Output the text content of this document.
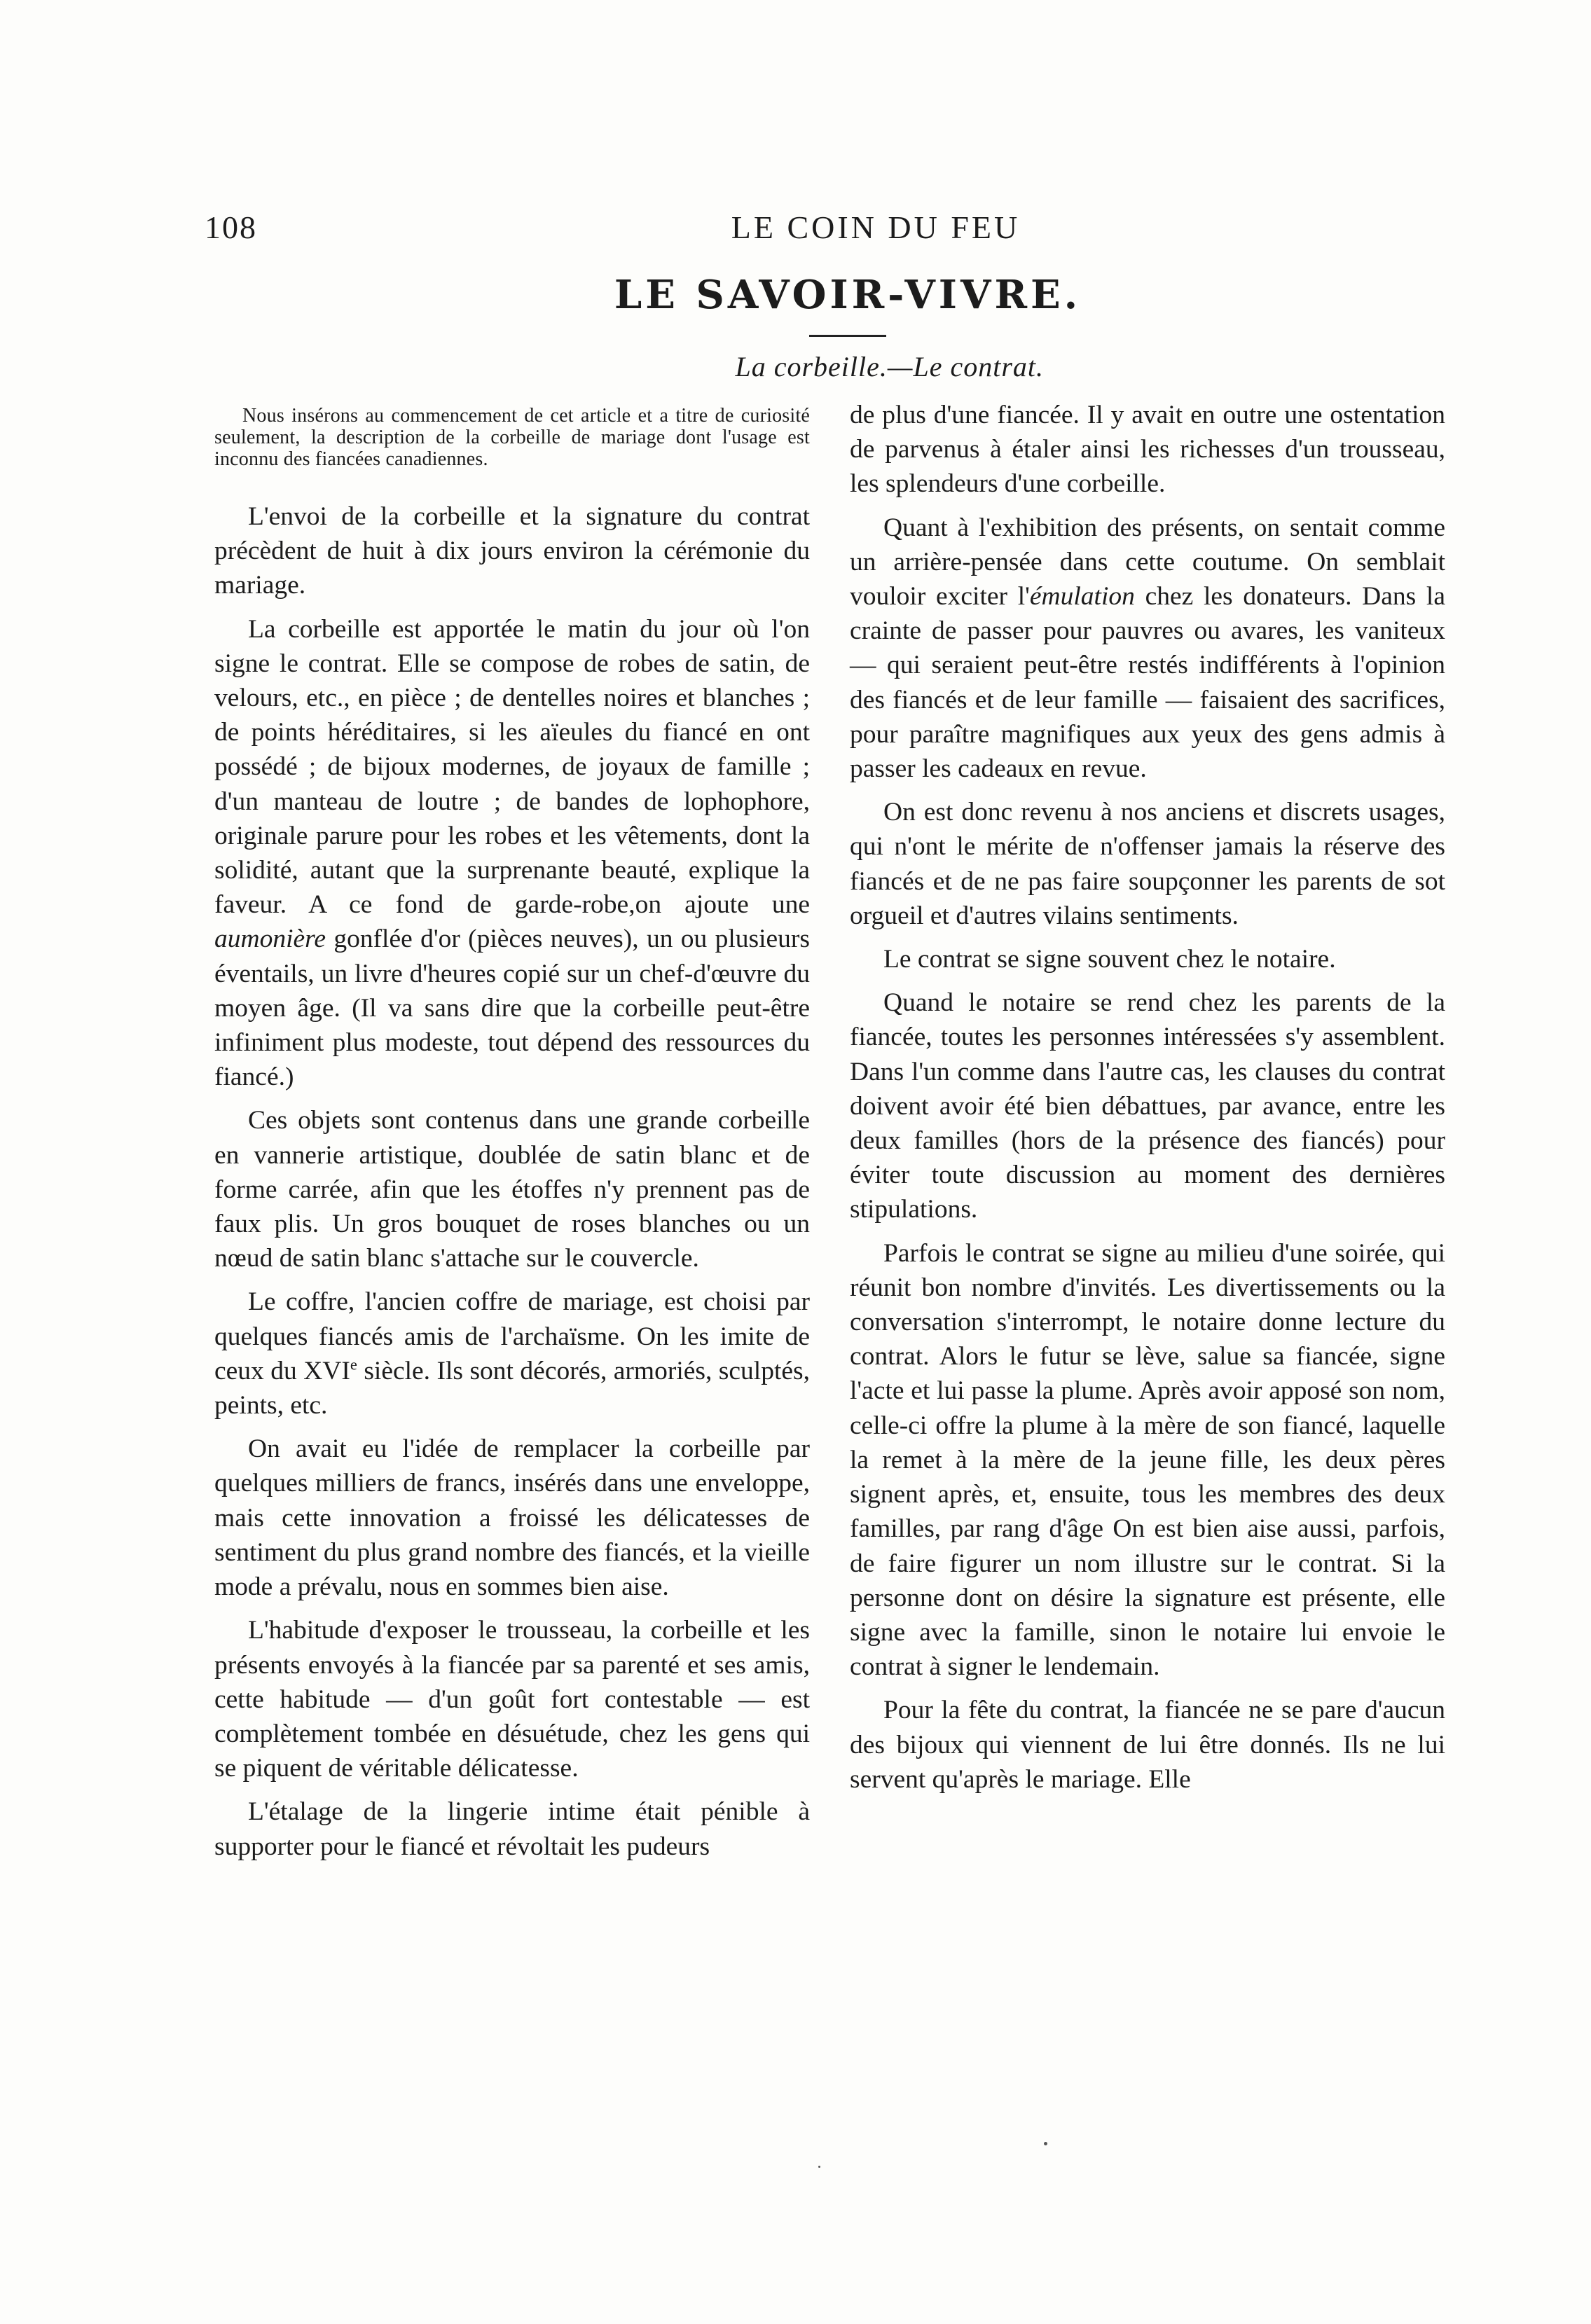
108	LE COIN DU FEU
LE SAVOIR-VIVRE.
La corbeille.—Le contrat.

Nous insérons au commencement de cet article et a titre de curiosité seulement, la description de la corbeille de mariage dont l'usage est inconnu des fiancées canadiennes.

L'envoi de la corbeille et la signature du contrat précèdent de huit à dix jours environ la cérémonie du mariage.

La corbeille est apportée le matin du jour où l'on signe le contrat. Elle se compose de robes de satin, de velours, etc., en pièce ; de dentelles noires et blanches ; de points héréditaires, si les aïeules du fiancé en ont possédé ; de bijoux modernes, de joyaux de famille ; d'un manteau de loutre ; de bandes de lophophore, originale parure pour les robes et les vêtements, dont la solidité, autant que la surprenante beauté, explique la faveur. A ce fond de garde-robe,on ajoute une aumonière gonflée d'or (pièces neuves), un ou plusieurs éventails, un livre d'heures copié sur un chef-d'œuvre du moyen âge. (Il va sans dire que la corbeille peut-être infiniment plus modeste, tout dépend des ressources du fiancé.)

Ces objets sont contenus dans une grande corbeille en vannerie artistique, doublée de satin blanc et de forme carrée, afin que les étoffes n'y prennent pas de faux plis. Un gros bouquet de roses blanches ou un nœud de satin blanc s'attache sur le couvercle.

Le coffre, l'ancien coffre de mariage, est choisi par quelques fiancés amis de l'archaïsme. On les imite de ceux du XVIe siècle. Ils sont décorés, armoriés, sculptés, peints, etc.

On avait eu l'idée de remplacer la corbeille par quelques milliers de francs, insérés dans une enveloppe, mais cette innovation a froissé les délicatesses de sentiment du plus grand nombre des fiancés, et la vieille mode a prévalu, nous en sommes bien aise.

L'habitude d'exposer le trousseau, la corbeille et les présents envoyés à la fiancée par sa parenté et ses amis, cette habitude — d'un goût fort contestable — est complètement tombée en désuétude, chez les gens qui se piquent de véritable délicatesse.

L'étalage de la lingerie intime était pénible à supporter pour le fiancé et révoltait les pudeurs

de plus d'une fiancée. Il y avait en outre une ostentation de parvenus à étaler ainsi les richesses d'un trousseau, les splendeurs d'une corbeille.

Quant à l'exhibition des présents, on sentait comme un arrière-pensée dans cette coutume. On semblait vouloir exciter l'émulation chez les donateurs. Dans la crainte de passer pour pauvres ou avares, les vaniteux — qui seraient peut-être restés indifférents à l'opinion des fiancés et de leur famille — faisaient des sacrifices, pour paraître magnifiques aux yeux des gens admis à passer les cadeaux en revue.

On est donc revenu à nos anciens et discrets usages, qui n'ont le mérite de n'offenser jamais la réserve des fiancés et de ne pas faire soupçonner les parents de sot orgueil et d'autres vilains sentiments.

Le contrat se signe souvent chez le notaire.

Quand le notaire se rend chez les parents de la fiancée, toutes les personnes intéressées s'y assemblent. Dans l'un comme dans l'autre cas, les clauses du contrat doivent avoir été bien débattues, par avance, entre les deux familles (hors de la présence des fiancés) pour éviter toute discussion au moment des dernières stipulations.

Parfois le contrat se signe au milieu d'une soirée, qui réunit bon nombre d'invités. Les divertissements ou la conversation s'interrompt, le notaire donne lecture du contrat. Alors le futur se lève, salue sa fiancée, signe l'acte et lui passe la plume. Après avoir apposé son nom, celle-ci offre la plume à la mère de son fiancé, laquelle la remet à la mère de la jeune fille, les deux pères signent après, et, ensuite, tous les membres des deux familles, par rang d'âge On est bien aise aussi, parfois, de faire figurer un nom illustre sur le contrat. Si la personne dont on désire la signature est présente, elle signe avec la famille, sinon le notaire lui envoie le contrat à signer le lendemain.

Pour la fête du contrat, la fiancée ne se pare d'aucun des bijoux qui viennent de lui être donnés. Ils ne lui servent qu'après le mariage. Elle
